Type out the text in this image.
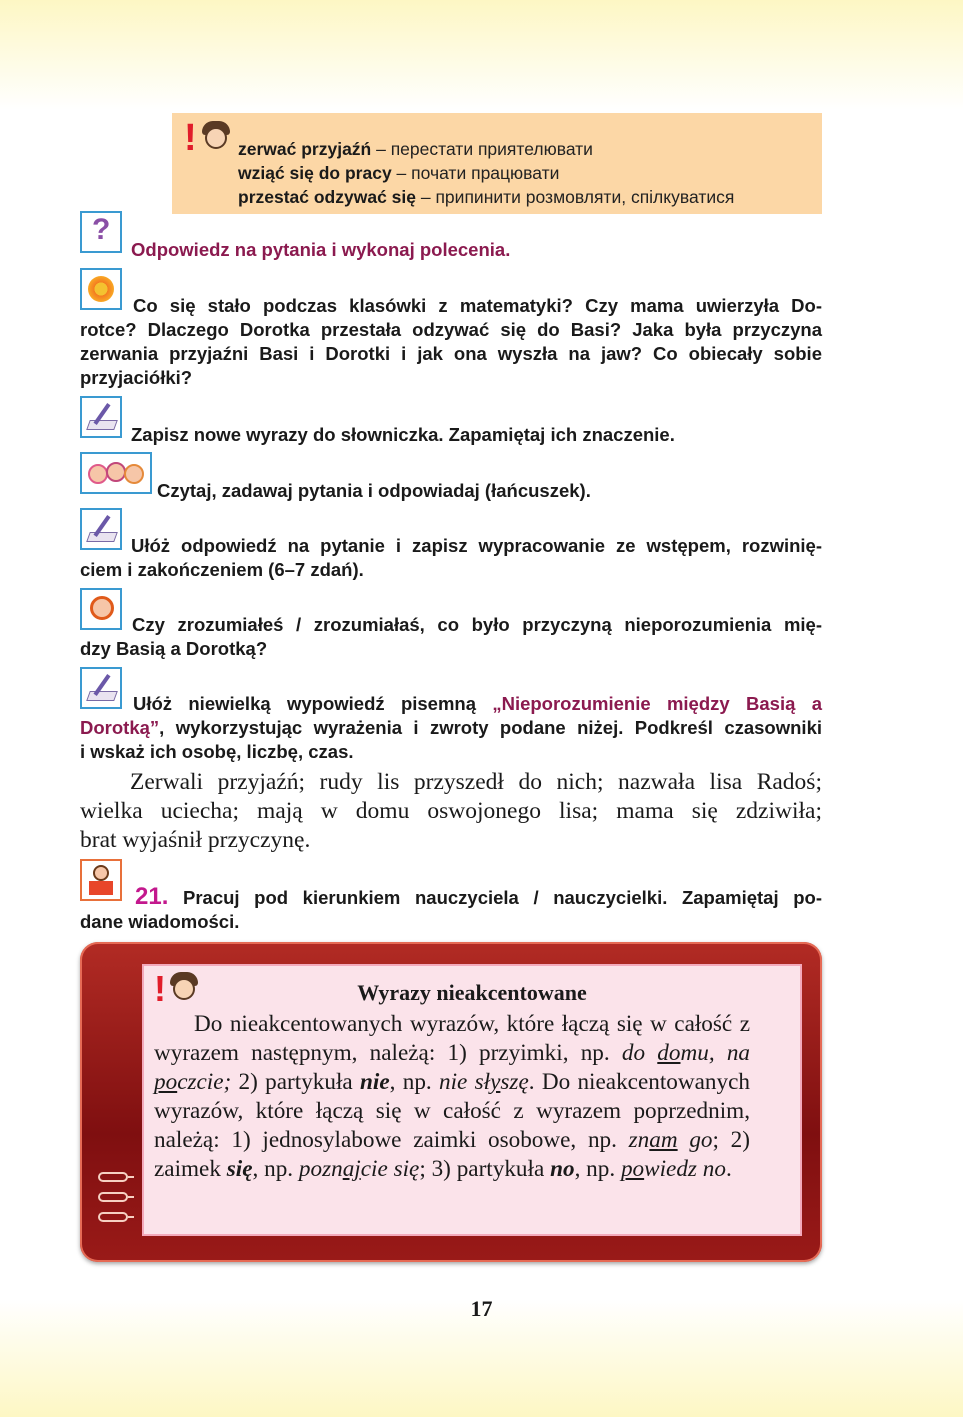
! zerwać przyjaźń – перестати приятелювати
wziąć się do pracy – почати працювати
przestać odzywać się – припинити розмовляти, спілкуватися
?
Odpowiedz na pytania i wykonaj polecenia.
Co się stało podczas klasówki z matematyki? Czy mama uwierzyła Do-
rotce? Dlaczego Dorotka przestała odzywać się do Basi? Jaka była przyczyna
zerwania przyjaźni Basi i Dorotki i jak ona wyszła na jaw? Co obiecały sobie
przyjaciółki?
Zapisz nowe wyrazy do słowniczka. Zapamiętaj ich znaczenie.
Czytaj, zadawaj pytania i odpowiadaj (łańcuszek).
Ułóż odpowiedź na pytanie i zapisz wypracowanie ze wstępem, rozwinię-
ciem i zakończeniem (6–7 zdań).
Czy zrozumiałeś / zrozumiałaś, co było przyczyną nieporozumienia mię-
dzy Basią a Dorotką?
Ułóż niewielką wypowiedź pisemną „Nieporozumienie między Basią a
Dorotką”, wykorzystując wyrażenia i zwroty podane niżej. Podkreśl czasowniki
i wskaż ich osobę, liczbę, czas.
Zerwali przyjaźń; rudy lis przyszedł do nich; nazwała lisa Radoś;
wielka uciecha; mają w domu oswojonego lisa; mama się zdziwiła;
brat wyjaśnił przyczynę.
21. Pracuj pod kierunkiem nauczyciela / nauczycielki. Zapamiętaj po-
dane wiadomości.
!	Wyrazy nieakcentowane
Do nieakcentowanych wyrazów, które łączą się w całość z wyrazem następnym, należą: 1) przyimki, np. do domu, na poczcie; 2) partykuła nie, np. nie słyszę. Do nieakcentowanych wyrazów, które łączą się w całość z wyrazem poprzednim, należą: 1) jednosylabowe zaimki osobowe, np. znam go; 2) zaimek się, np. poznajcie się; 3) partykuła no, np. powiedz no.
17
